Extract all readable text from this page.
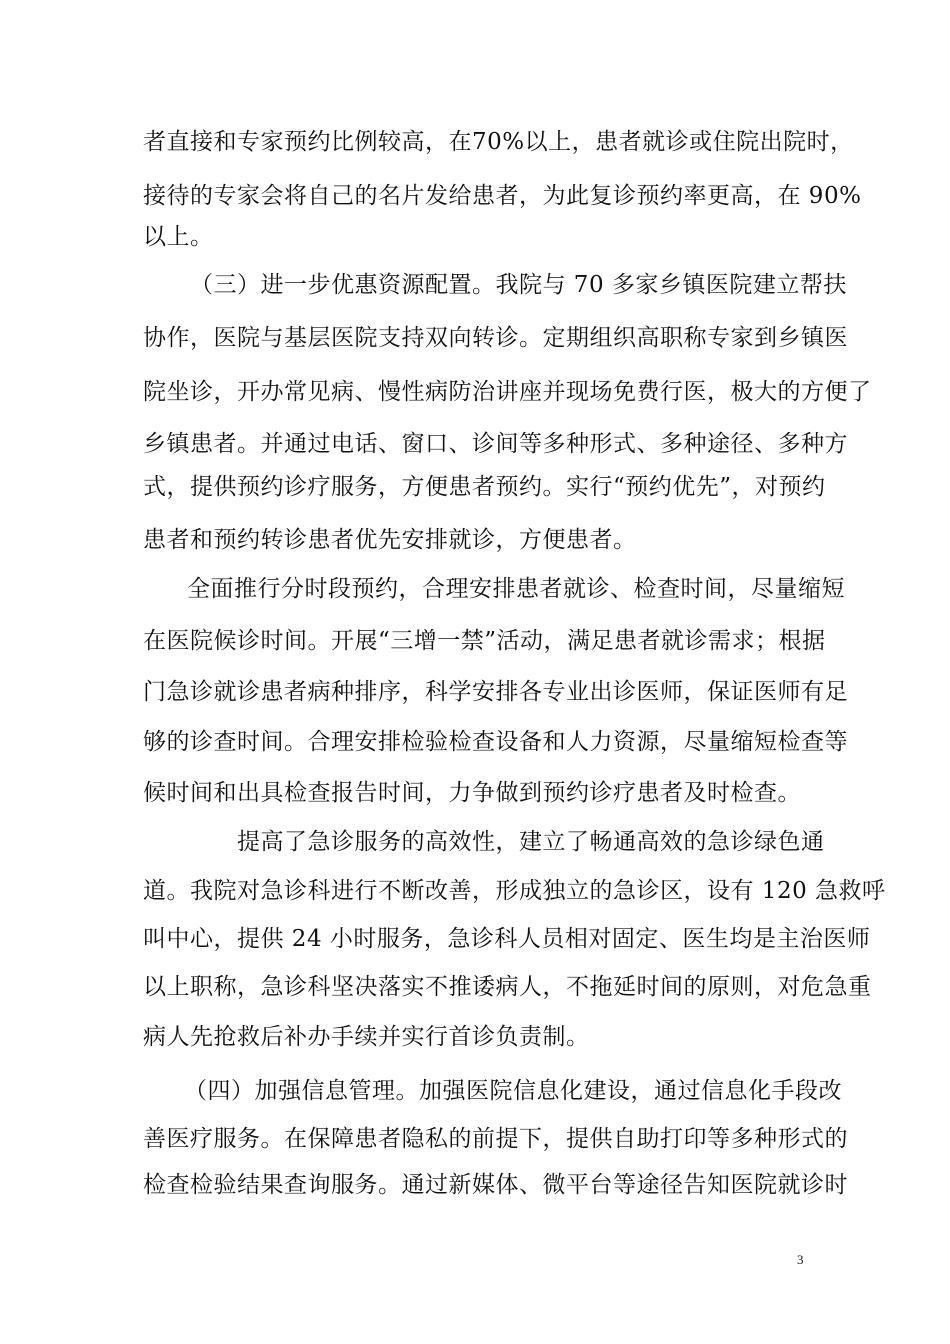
者直接和专家预约比例较高，在70%以上，患者就诊或住院出院时，
接待的专家会将自己的名片发给患者，为此复诊预约率更高，在 90%
以上。
（三）进一步优惠资源配置。我院与 70 多家乡镇医院建立帮扶
协作，医院与基层医院支持双向转诊。定期组织高职称专家到乡镇医
院坐诊，开办常见病、慢性病防治讲座并现场免费行医，极大的方便了
乡镇患者。并通过电话、窗口、诊间等多种形式、多种途径、多种方
式，提供预约诊疗服务，方便患者预约。实行“预约优先”，对预约
患者和预约转诊患者优先安排就诊，方便患者。
全面推行分时段预约，合理安排患者就诊、检查时间，尽量缩短
在医院候诊时间。开展“三增一禁”活动，满足患者就诊需求；根据
门急诊就诊患者病种排序，科学安排各专业出诊医师，保证医师有足
够的诊查时间。合理安排检验检查设备和人力资源，尽量缩短检查等
候时间和出具检查报告时间，力争做到预约诊疗患者及时检查。
提高了急诊服务的高效性，建立了畅通高效的急诊绿色通
道。我院对急诊科进行不断改善，形成独立的急诊区，设有 120 急救呼
叫中心，提供 24 小时服务，急诊科人员相对固定、医生均是主治医师
以上职称，急诊科坚决落实不推诿病人，不拖延时间的原则，对危急重
病人先抢救后补办手续并实行首诊负责制。
（四）加强信息管理。加强医院信息化建设，通过信息化手段改
善医疗服务。在保障患者隐私的前提下，提供自助打印等多种形式的
检查检验结果查询服务。通过新媒体、微平台等途径告知医院就诊时
3
